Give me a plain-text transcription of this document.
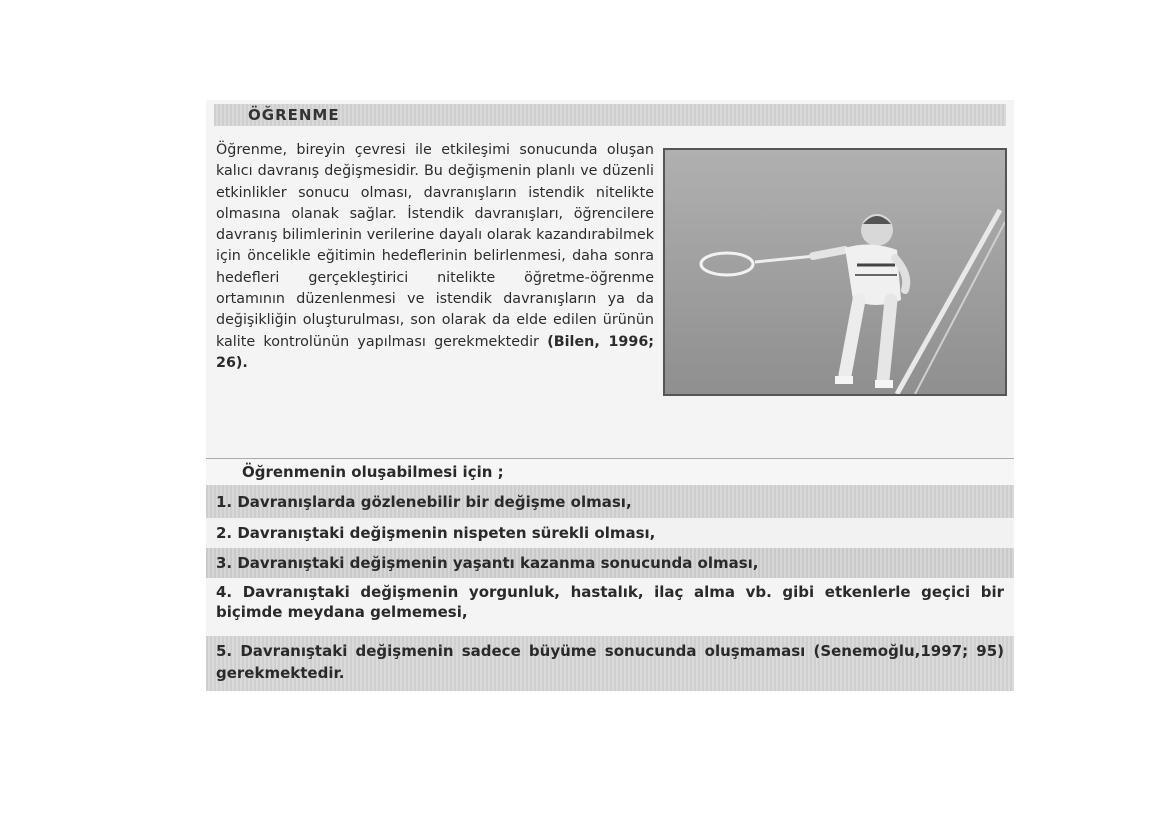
ÖĞRENME

Öğrenme, bireyin çevresi ile etkileşimi sonucunda oluşan kalıcı davranış değişmesidir. Bu değişmenin planlı ve düzenli etkinlikler sonucu olması, davranışların istendik nitelikte olmasına olanak sağlar. İstendik davranışları, öğrencilere davranış bilimlerinin verilerine dayalı olarak kazandırabilmek için öncelikle eğitimin hedeflerinin belirlenmesi, daha sonra hedefleri gerçekleştirici nitelikte öğretme-öğrenme ortamının düzenlenmesi ve istendik davranışların ya da değişikliğin oluşturulması, son olarak da elde edilen ürünün kalite kontrolünün yapılması gerekmektedir (Bilen, 1996; 26).

Öğrenmenin oluşabilmesi için ;
1. Davranışlarda gözlenebilir bir değişme olması,
2. Davranıştaki değişmenin nispeten sürekli olması,
3. Davranıştaki değişmenin yaşantı kazanma sonucunda olması,
4. Davranıştaki değişmenin yorgunluk, hastalık, ilaç alma vb. gibi etkenlerle geçici bir biçimde meydana gelmemesi,
5. Davranıştaki değişmenin sadece büyüme sonucunda oluşmaması (Senemoğlu,1997; 95) gerekmektedir.
